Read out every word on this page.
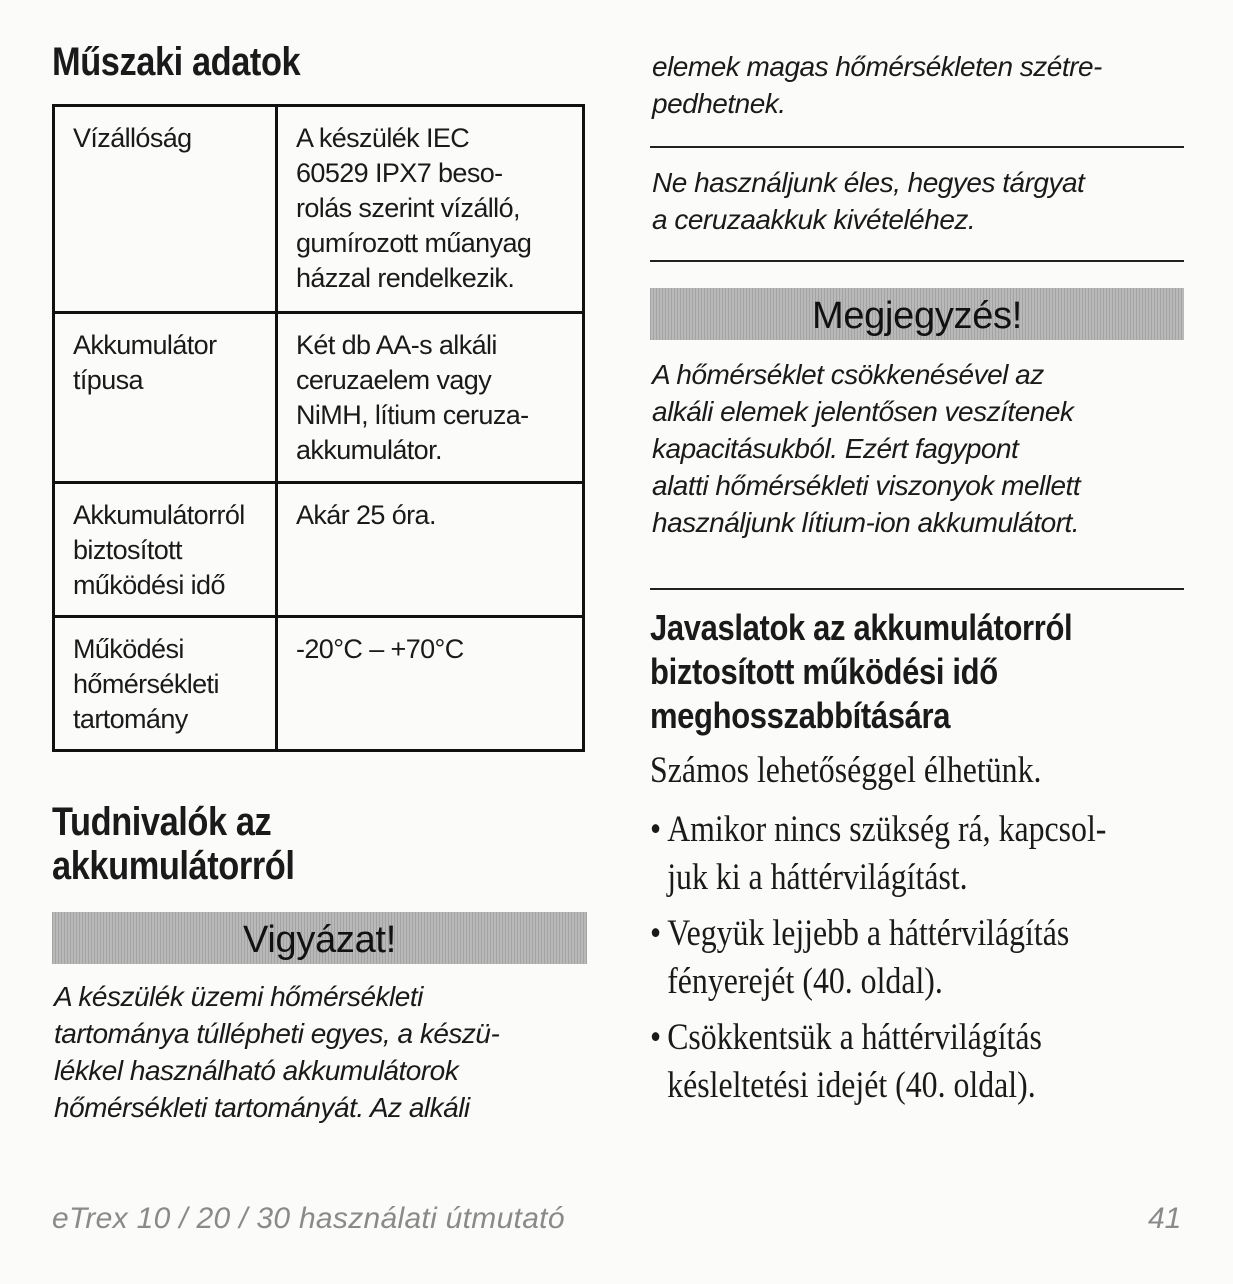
Műszaki adatok
Vízállóság	A készülék IEC
60529 IPX7 beso-
rolás szerint vízálló,
gumírozott műanyag
házzal rendelkezik.

Akkumulátor
típusa	Két db AA-s alkáli
ceruzaelem vagy
NiMH, lítium ceruza-
akkumulátor.

Akkumulátorról
biztosított
működési idő	Akár 25 óra.

Működési
hőmérsékleti
tartomány	-20°C – +70°C
Tudnivalók az
akkumulátorról
Vigyázat!

A készülék üzemi hőmérsékleti
tartománya túllépheti egyes, a készü-
lékkel használható akkumulátorok
hőmérsékleti tartományát. Az alkáli

elemek magas hőmérsékleten szétre-
pedhetnek.

Ne használjunk éles, hegyes tárgyat
a ceruzaakkuk kivételéhez.

Megjegyzés!

A hőmérséklet csökkenésével az
alkáli elemek jelentősen veszítenek
kapacitásukból. Ezért fagypont
alatti hőmérsékleti viszonyok mellett
használjunk lítium-ion akkumulátort.

Javaslatok az akkumulátorról
biztosított működési idő
meghosszabbítására

Számos lehetőséggel élhetünk.

• Amikor nincs szükség rá, kapcsol-
juk ki a háttérvilágítást.
• Vegyük lejjebb a háttérvilágítás
fényerejét (40. oldal).
• Csökkentsük a háttérvilágítás
késleltetési idejét (40. oldal).

eTrex 10 / 20 / 30 használati útmutató	41
